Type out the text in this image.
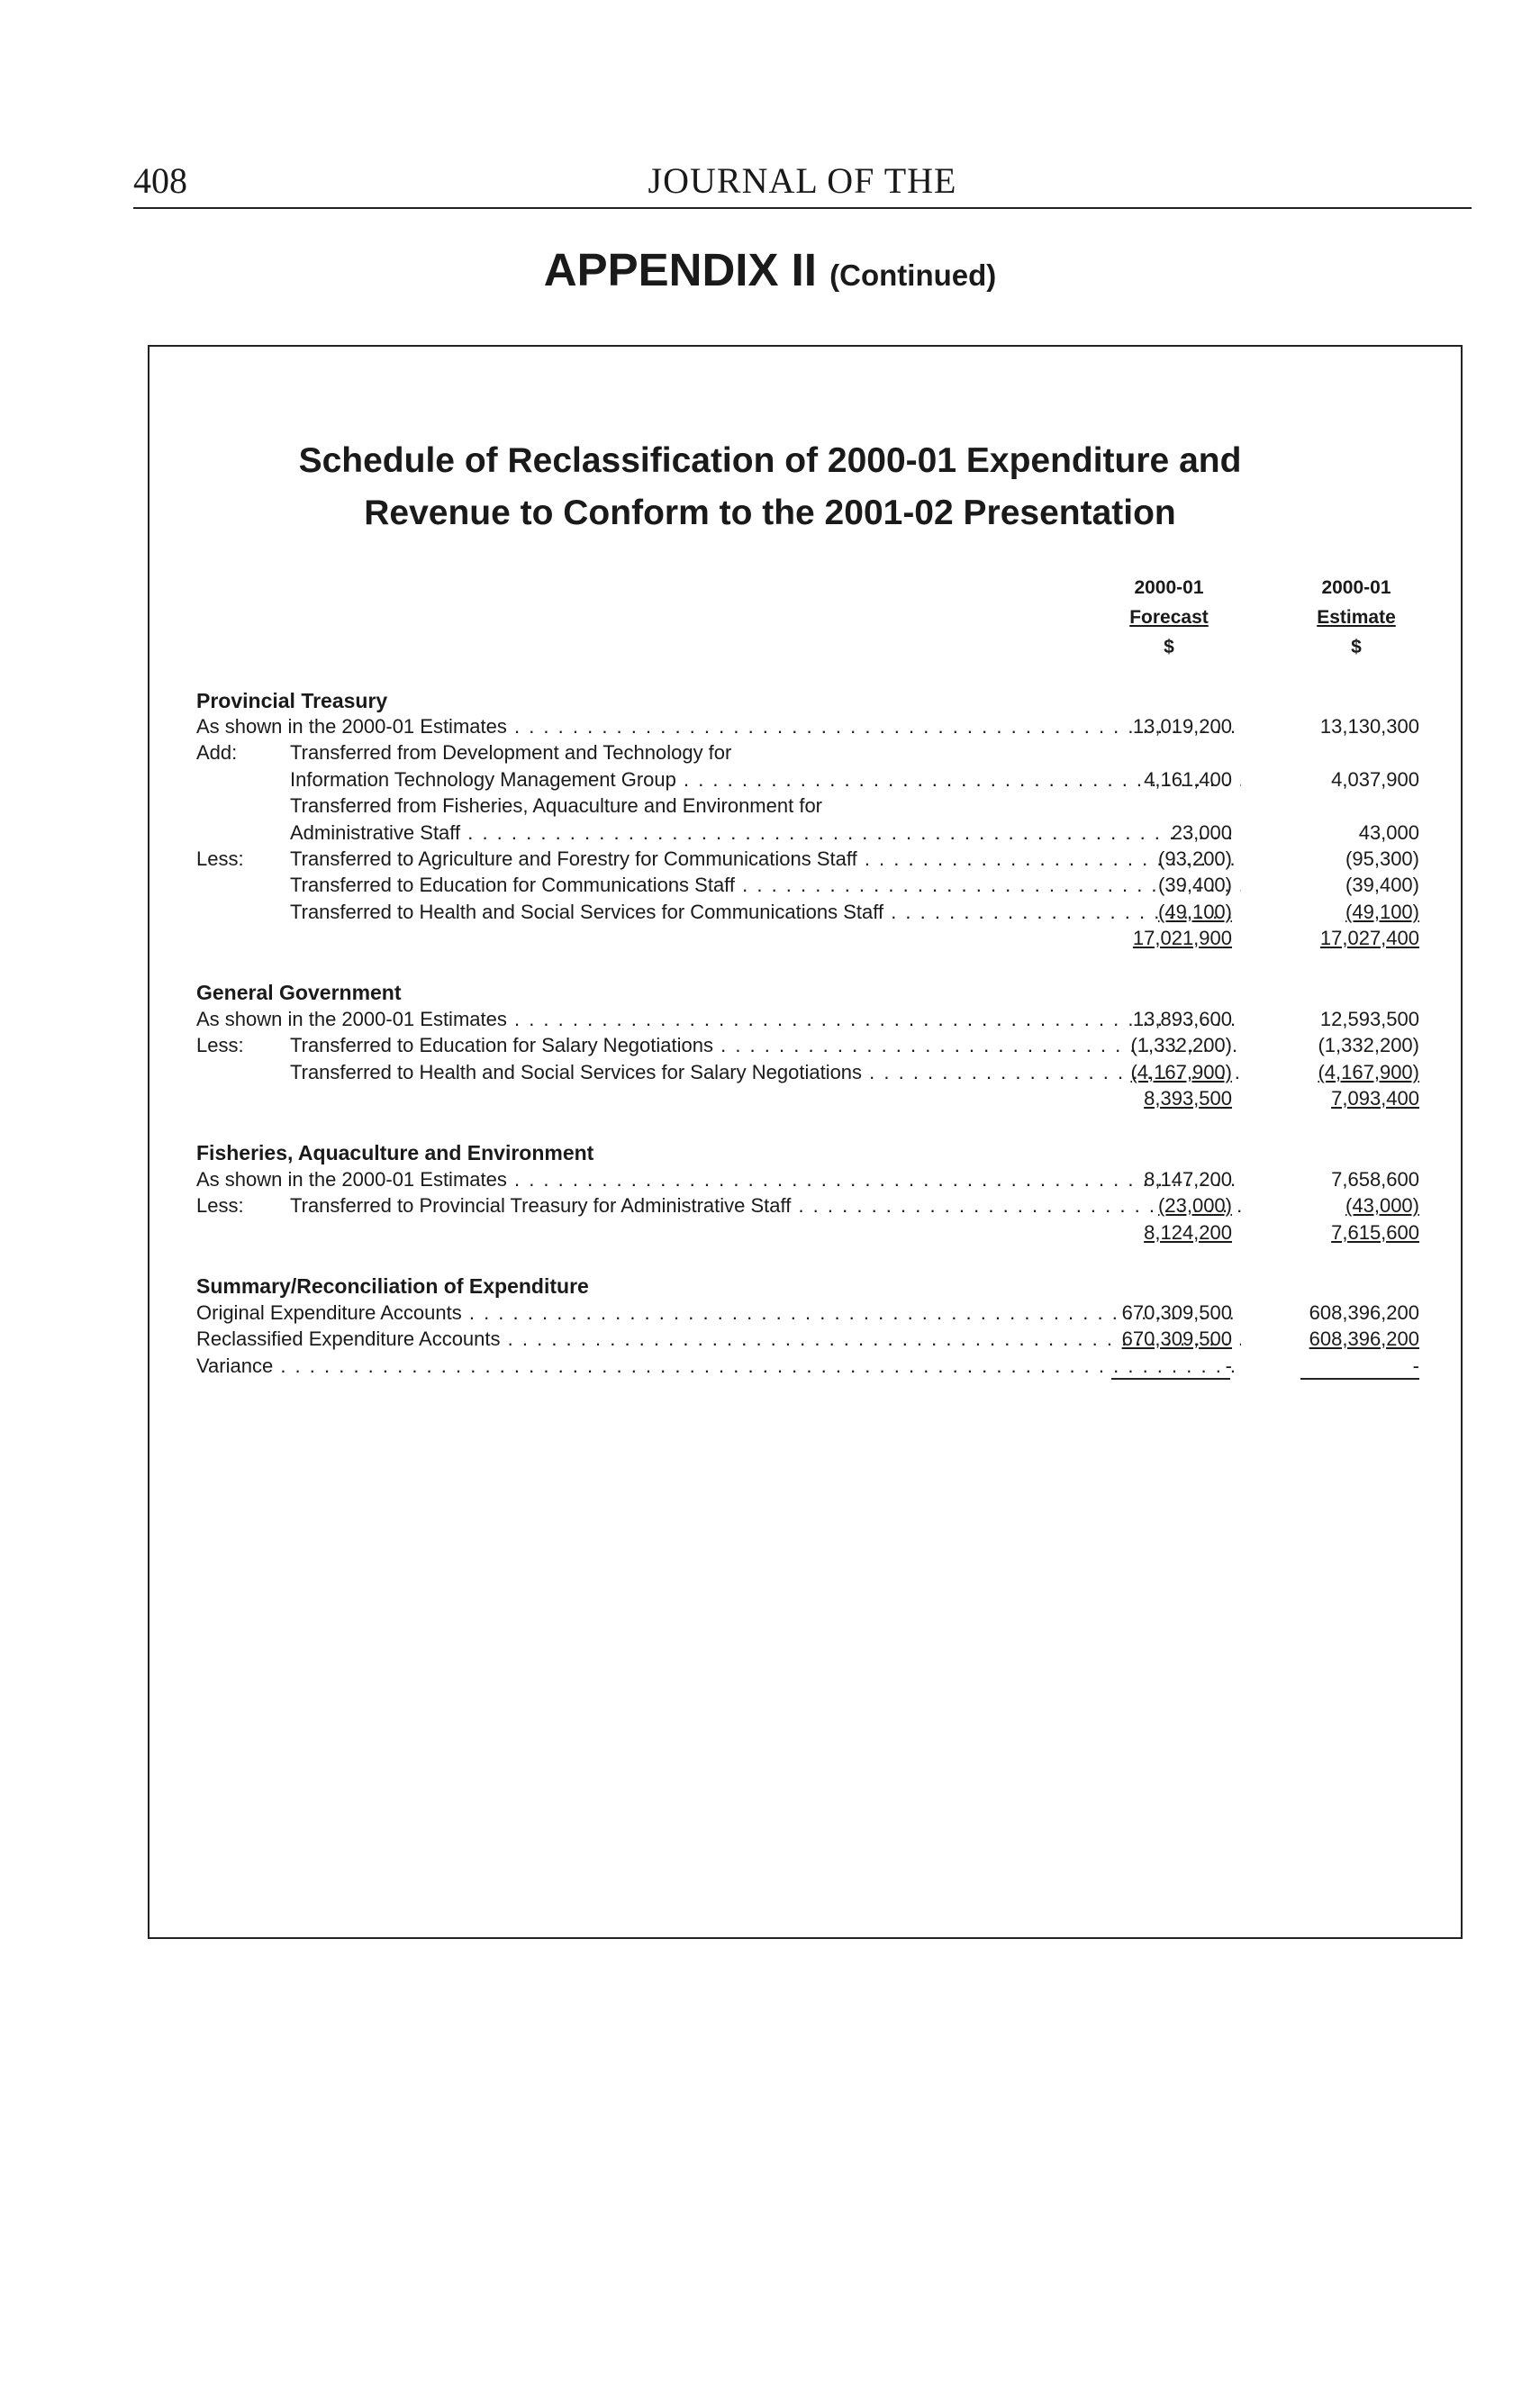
408	JOURNAL OF THE
APPENDIX II (Continued)
Schedule of Reclassification of 2000-01 Expenditure and
Revenue to Conform to the 2001-02 Presentation
2000-01
Forecast
$
2000-01
Estimate
$
Provincial Treasury
As shown in the 2000-01 Estimates . . .	13,019,200	13,130,300
Add:	Transferred from Development and Technology for
Information Technology Management Group . . .	4,161,400	4,037,900
Transferred from Fisheries, Aquaculture and Environment for
Administrative Staff . . .	23,000	43,000
Less: Transferred to Agriculture and Forestry for Communications Staff . . .	(93,200)	(95,300)
Transferred to Education for Communications Staff . . .	(39,400)	(39,400)
Transferred to Health and Social Services for Communications Staff . . .	(49,100)	(49,100)
17,021,900	17,027,400
General Government
As shown in the 2000-01 Estimates . . .	13,893,600	12,593,500
Less: Transferred to Education for Salary Negotiations . . .	(1,332,200)	(1,332,200)
Transferred to Health and Social Services for Salary Negotiations . . .	(4,167,900)	(4,167,900)
8,393,500	7,093,400
Fisheries, Aquaculture and Environment
As shown in the 2000-01 Estimates . . .	8,147,200	7,658,600
Less: Transferred to Provincial Treasury for Administrative Staff . . .	(23,000)	(43,000)
8,124,200	7,615,600
Summary/Reconciliation of Expenditure
Original Expenditure Accounts . . .	670,309,500	608,396,200
Reclassified Expenditure Accounts . . .	670,309,500	608,396,200
Variance . . .	-	-
